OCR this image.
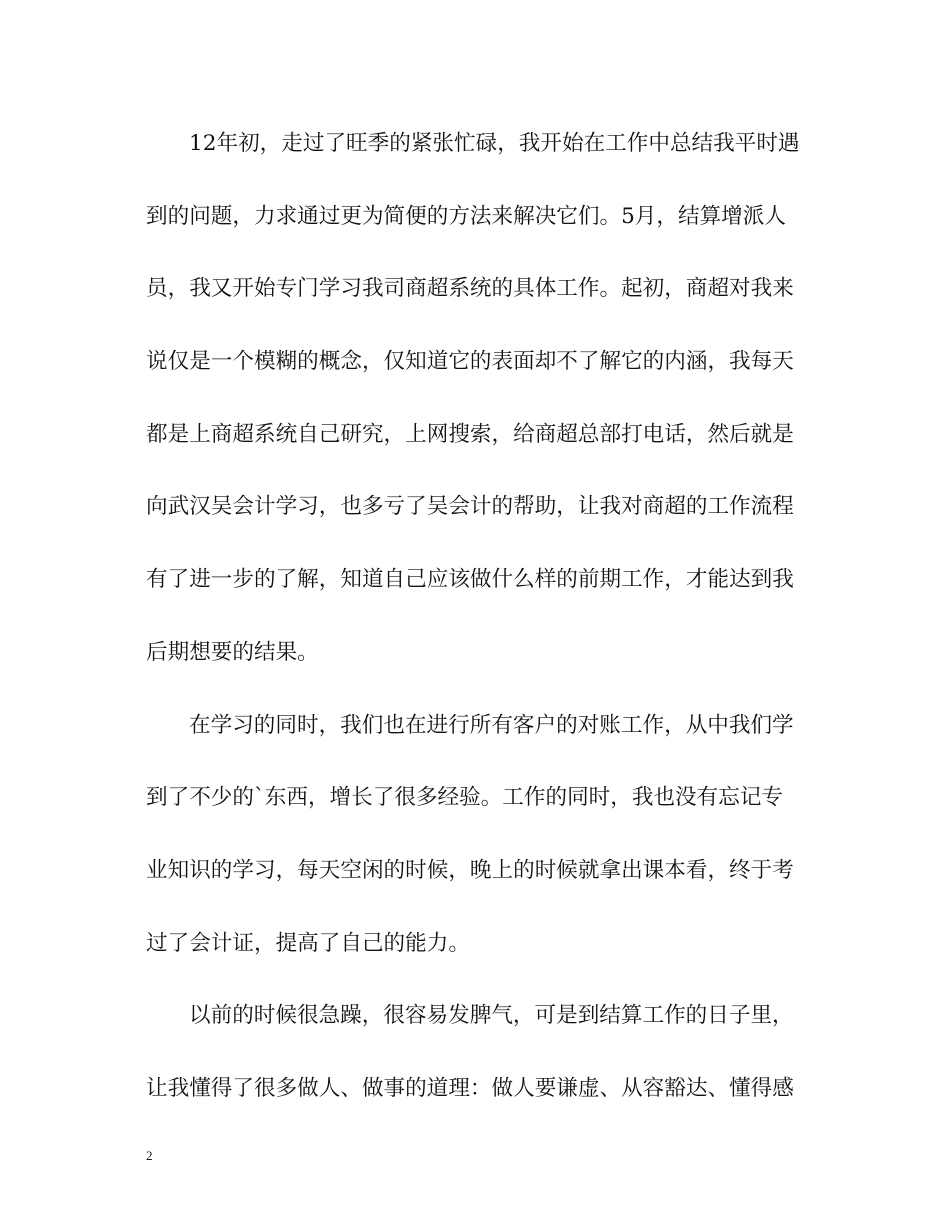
12年初，走过了旺季的紧张忙碌，我开始在工作中总结我平时遇
到的问题，力求通过更为简便的方法来解决它们。5月，结算增派人
员，我又开始专门学习我司商超系统的具体工作。起初，商超对我来
说仅是一个模糊的概念，仅知道它的表面却不了解它的内涵，我每天
都是上商超系统自己研究，上网搜索，给商超总部打电话，然后就是
向武汉吴会计学习，也多亏了吴会计的帮助，让我对商超的工作流程
有了进一步的了解，知道自己应该做什么样的前期工作，才能达到我
后期想要的结果。
在学习的同时，我们也在进行所有客户的对账工作，从中我们学
到了不少的`东西，增长了很多经验。工作的同时，我也没有忘记专
业知识的学习，每天空闲的时候，晚上的时候就拿出课本看，终于考
过了会计证，提高了自己的能力。
以前的时候很急躁，很容易发脾气，可是到结算工作的日子里，
让我懂得了很多做人、做事的道理：做人要谦虚、从容豁达、懂得感
2
